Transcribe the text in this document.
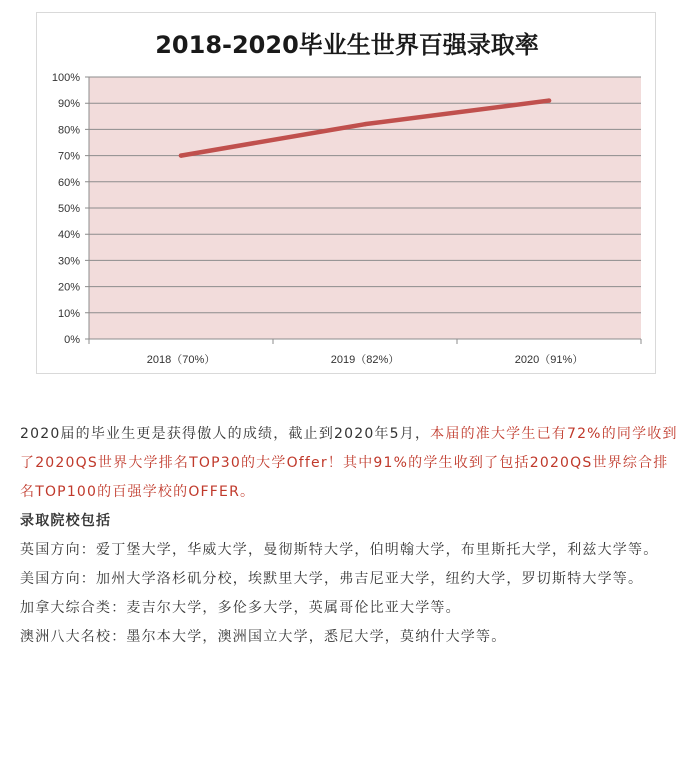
2018-2020毕业生世界百强录取率
0%
10%
20%
30%
40%
50%
60%
70%
80%
90%
100%
2018（70%）	2019（82%）	2020（91%）

2020届的毕业生更是获得傲人的成绩，截止到2020年5月，本届的准大学生已有72%的同学收到了2020QS世界大学排名TOP30的大学Offer！其中91%的学生收到了包括2020QS世界综合排名TOP100的百强学校的OFFER。

录取院校包括

英国方向：爱丁堡大学，华威大学，曼彻斯特大学，伯明翰大学，布里斯托大学，利兹大学等。

美国方向：加州大学洛杉矶分校，埃默里大学，弗吉尼亚大学，纽约大学，罗切斯特大学等。

加拿大综合类：麦吉尔大学，多伦多大学，英属哥伦比亚大学等。

澳洲八大名校：墨尔本大学，澳洲国立大学，悉尼大学，莫纳什大学等。
